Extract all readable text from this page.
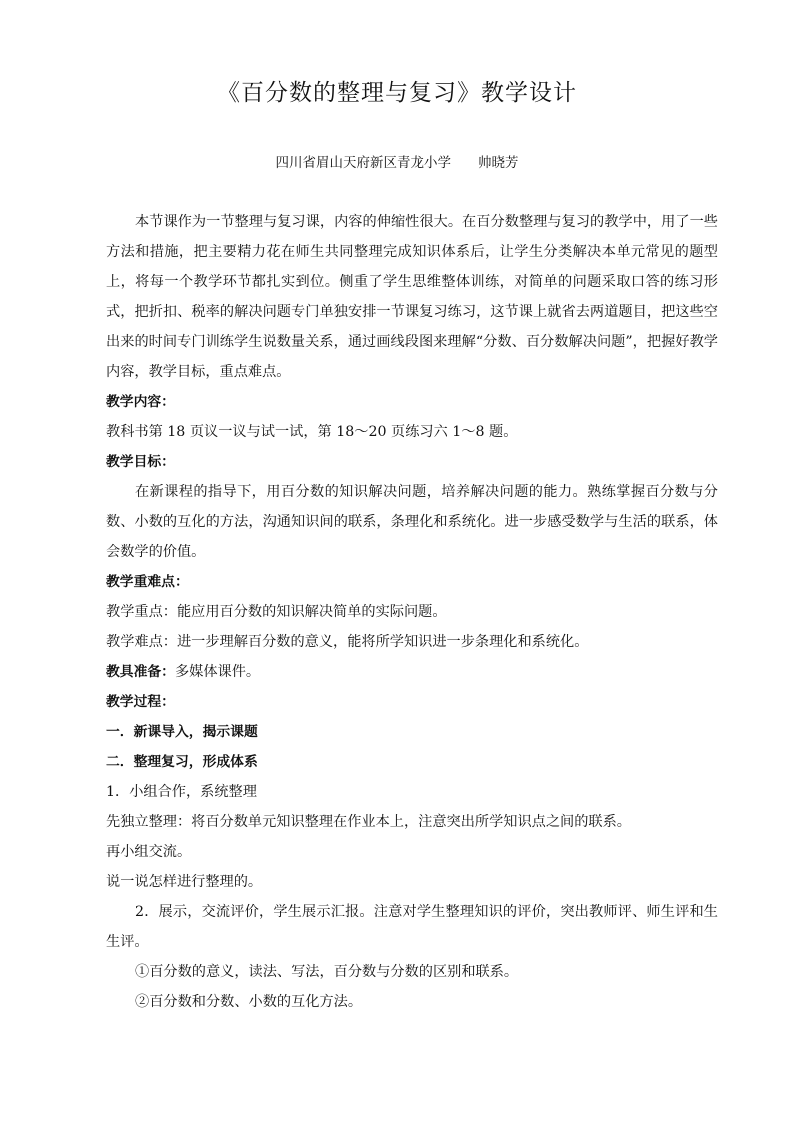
《百分数的整理与复习》教学设计
四川省眉山天府新区青龙小学　　帅晓芳
本节课作为一节整理与复习课，内容的伸缩性很大。在百分数整理与复习的教学中，用了一些方法和措施，把主要精力花在师生共同整理完成知识体系后，让学生分类解决本单元常见的题型上，将每一个教学环节都扎实到位。侧重了学生思维整体训练，对简单的问题采取口答的练习形式，把折扣、税率的解决问题专门单独安排一节课复习练习，这节课上就省去两道题目，把这些空出来的时间专门训练学生说数量关系，通过画线段图来理解“分数、百分数解决问题”，把握好教学内容，教学目标，重点难点。
教学内容：
教科书第 18 页议一议与试一试，第 18～20 页练习六 1～8 题。
教学目标：
在新课程的指导下，用百分数的知识解决问题，培养解决问题的能力。熟练掌握百分数与分数、小数的互化的方法，沟通知识间的联系，条理化和系统化。进一步感受数学与生活的联系，体会数学的价值。
教学重难点：
教学重点：能应用百分数的知识解决简单的实际问题。
教学难点：进一步理解百分数的意义，能将所学知识进一步条理化和系统化。
教具准备：多媒体课件。
教学过程：
一．新课导入，揭示课题
二．整理复习，形成体系
1．小组合作，系统整理
先独立整理：将百分数单元知识整理在作业本上，注意突出所学知识点之间的联系。
再小组交流。
说一说怎样进行整理的。
2．展示，交流评价，学生展示汇报。注意对学生整理知识的评价，突出教师评、师生评和生生评。
①百分数的意义，读法、写法，百分数与分数的区别和联系。
②百分数和分数、小数的互化方法。
